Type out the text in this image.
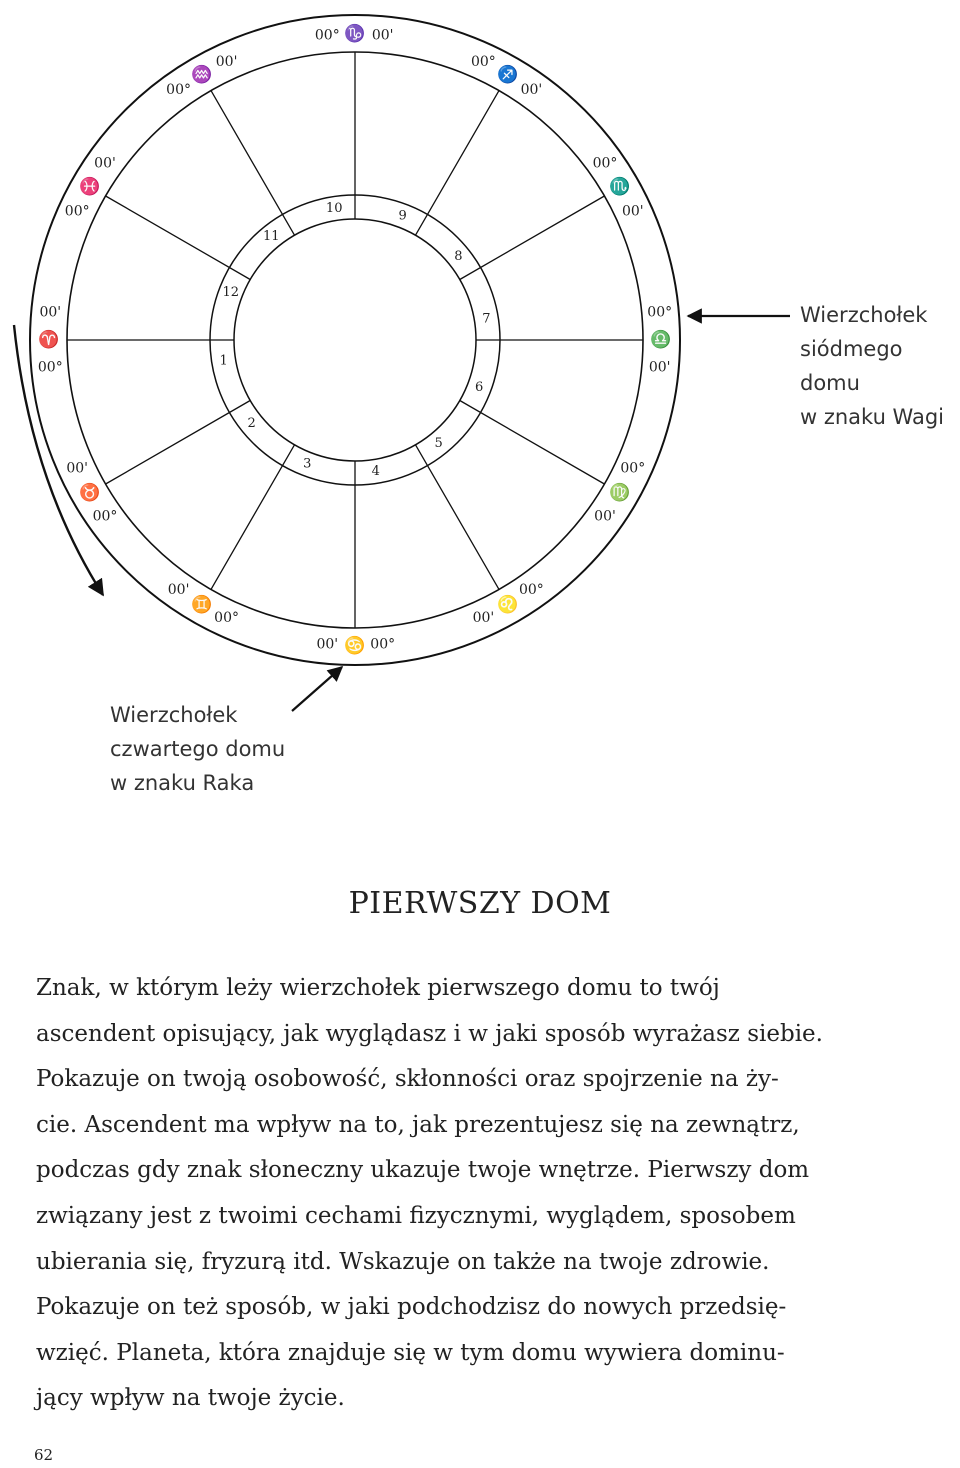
1
2
3	4
5
6
7
8
9
10
11
12
♈
00°
00'
♉
00°
00'
♊
00°
00'
♋ 00°
00'
♌
00°
00'
♍
00°
00'
♎
00°
00'
♏
00°
00'
♐
00°
00'
♑
00° 00'
♒
00°
00'
♓
00°
00'
Wierzchołek
siódmego
domu
w znaku Wagi
Wierzchołek
czwartego domu
w znaku Raka
PIERWSZY DOM
Znak, w którym leży wierzchołek pierwszego domu to twój
ascendent opisujący, jak wyglądasz i w jaki sposób wyrażasz siebie.
Pokazuje on twoją osobowość, skłonności oraz spojrzenie na ży-
cie. Ascendent ma wpływ na to, jak prezentujesz się na zewnątrz,
podczas gdy znak słoneczny ukazuje twoje wnętrze. Pierwszy dom
związany jest z twoimi cechami fizycznymi, wyglądem, sposobem
ubierania się, fryzurą itd. Wskazuje on także na twoje zdrowie.
Pokazuje on też sposób, w jaki podchodzisz do nowych przedsię-
wzięć. Planeta, która znajduje się w tym domu wywiera dominu-
jący wpływ na twoje życie.
62
